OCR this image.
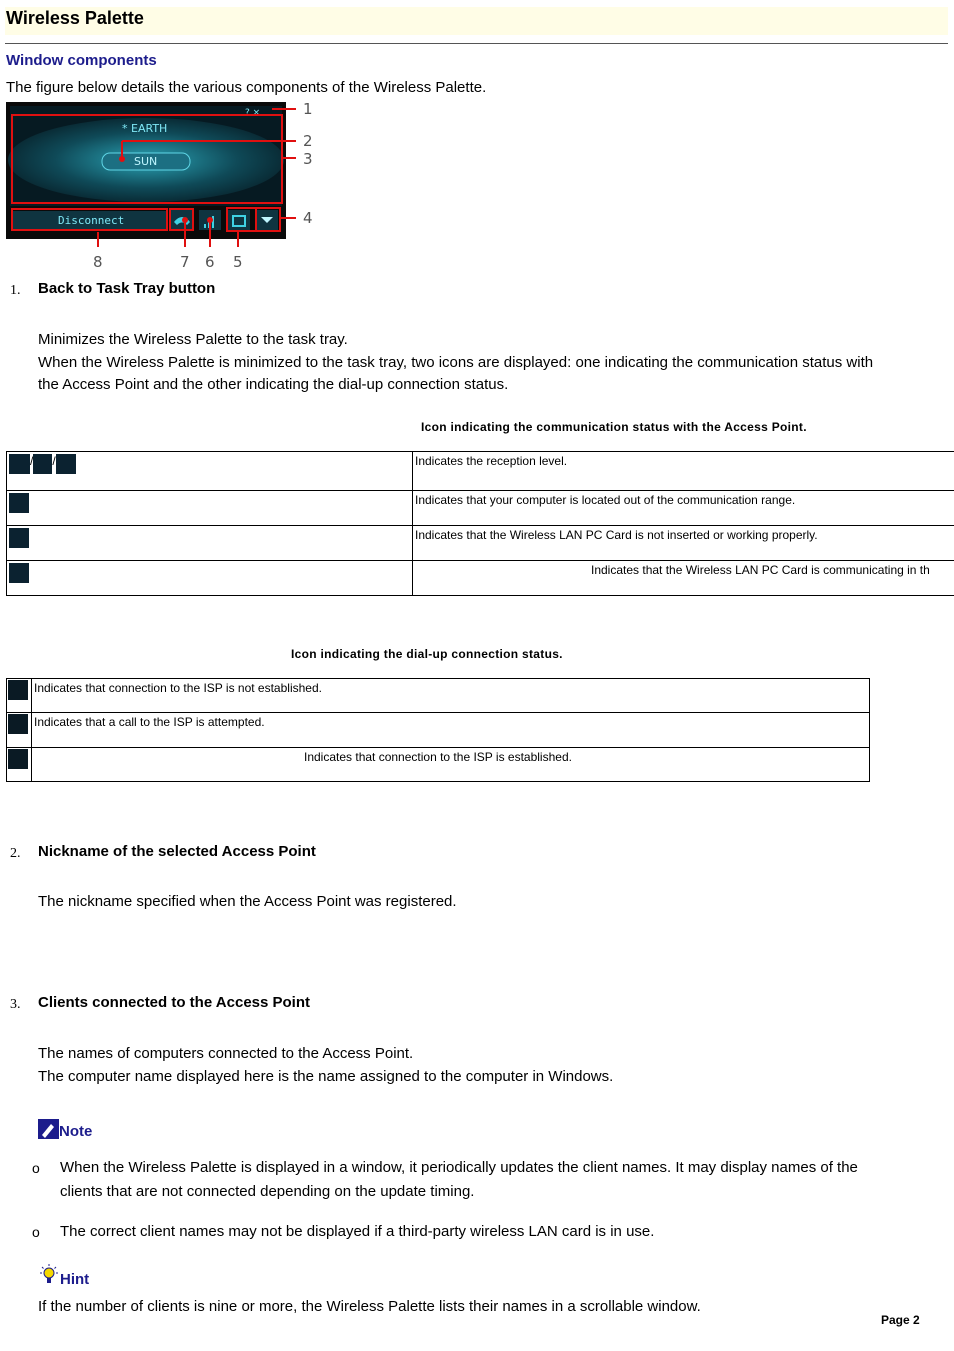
Wireless Palette
Window components
The figure below details the various components of the Wireless Palette.
* EARTH
SUN
? ×
Disconnect
1
2
3
4
8	7 6 5
1. Back to Task Tray button
Minimizes the Wireless Palette to the task tray.
When the Wireless Palette is minimized to the task tray, two icons are displayed: one indicating the communication status with
the Access Point and the other indicating the dial-up connection status.
Icon indicating the communication status with the Access Point.
/ /	Indicates the reception level.
	Indicates that your computer is located out of the communication range.
	Indicates that the Wireless LAN PC Card is not inserted or working properly.
	Indicates that the Wireless LAN PC Card is communicating in th
Icon indicating the dial-up connection status.
	Indicates that connection to the ISP is not established.
	Indicates that a call to the ISP is attempted.
	Indicates that connection to the ISP is established.
2. Nickname of the selected Access Point
The nickname specified when the Access Point was registered.
3. Clients connected to the Access Point
The names of computers connected to the Access Point.
The computer name displayed here is the name assigned to the computer in Windows.
Note
o When the Wireless Palette is displayed in a window, it periodically updates the client names. It may display names of the
clients that are not connected depending on the update timing.
o The correct client names may not be displayed if a third-party wireless LAN card is in use.
Hint
If the number of clients is nine or more, the Wireless Palette lists their names in a scrollable window.
Page 2
